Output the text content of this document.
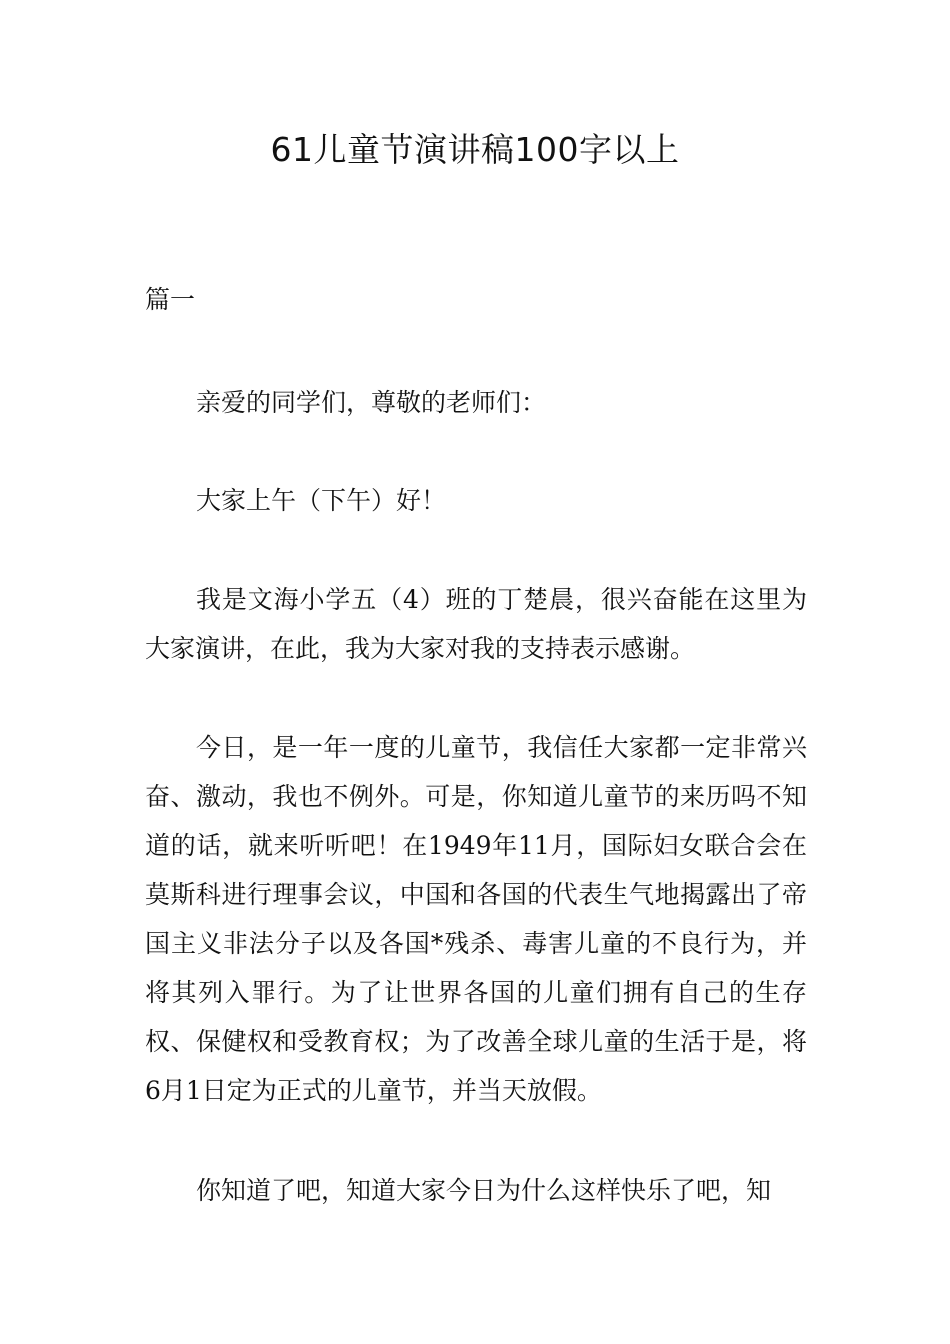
61儿童节演讲稿100字以上

篇一

亲爱的同学们，尊敬的老师们：

大家上午（下午）好！

我是文海小学五（4）班的丁楚晨，很兴奋能在这里为大家演讲，在此，我为大家对我的支持表示感谢。

今日，是一年一度的儿童节，我信任大家都一定非常兴奋、激动，我也不例外。可是，你知道儿童节的来历吗不知道的话，就来听听吧！在1949年11月，国际妇女联合会在莫斯科进行理事会议，中国和各国的代表生气地揭露出了帝国主义非法分子以及各国*残杀、毒害儿童的不良行为，并将其列入罪行。为了让世界各国的儿童们拥有自己的生存权、保健权和受教育权；为了改善全球儿童的生活于是，将6月1日定为正式的儿童节，并当天放假。

你知道了吧，知道大家今日为什么这样快乐了吧，知
